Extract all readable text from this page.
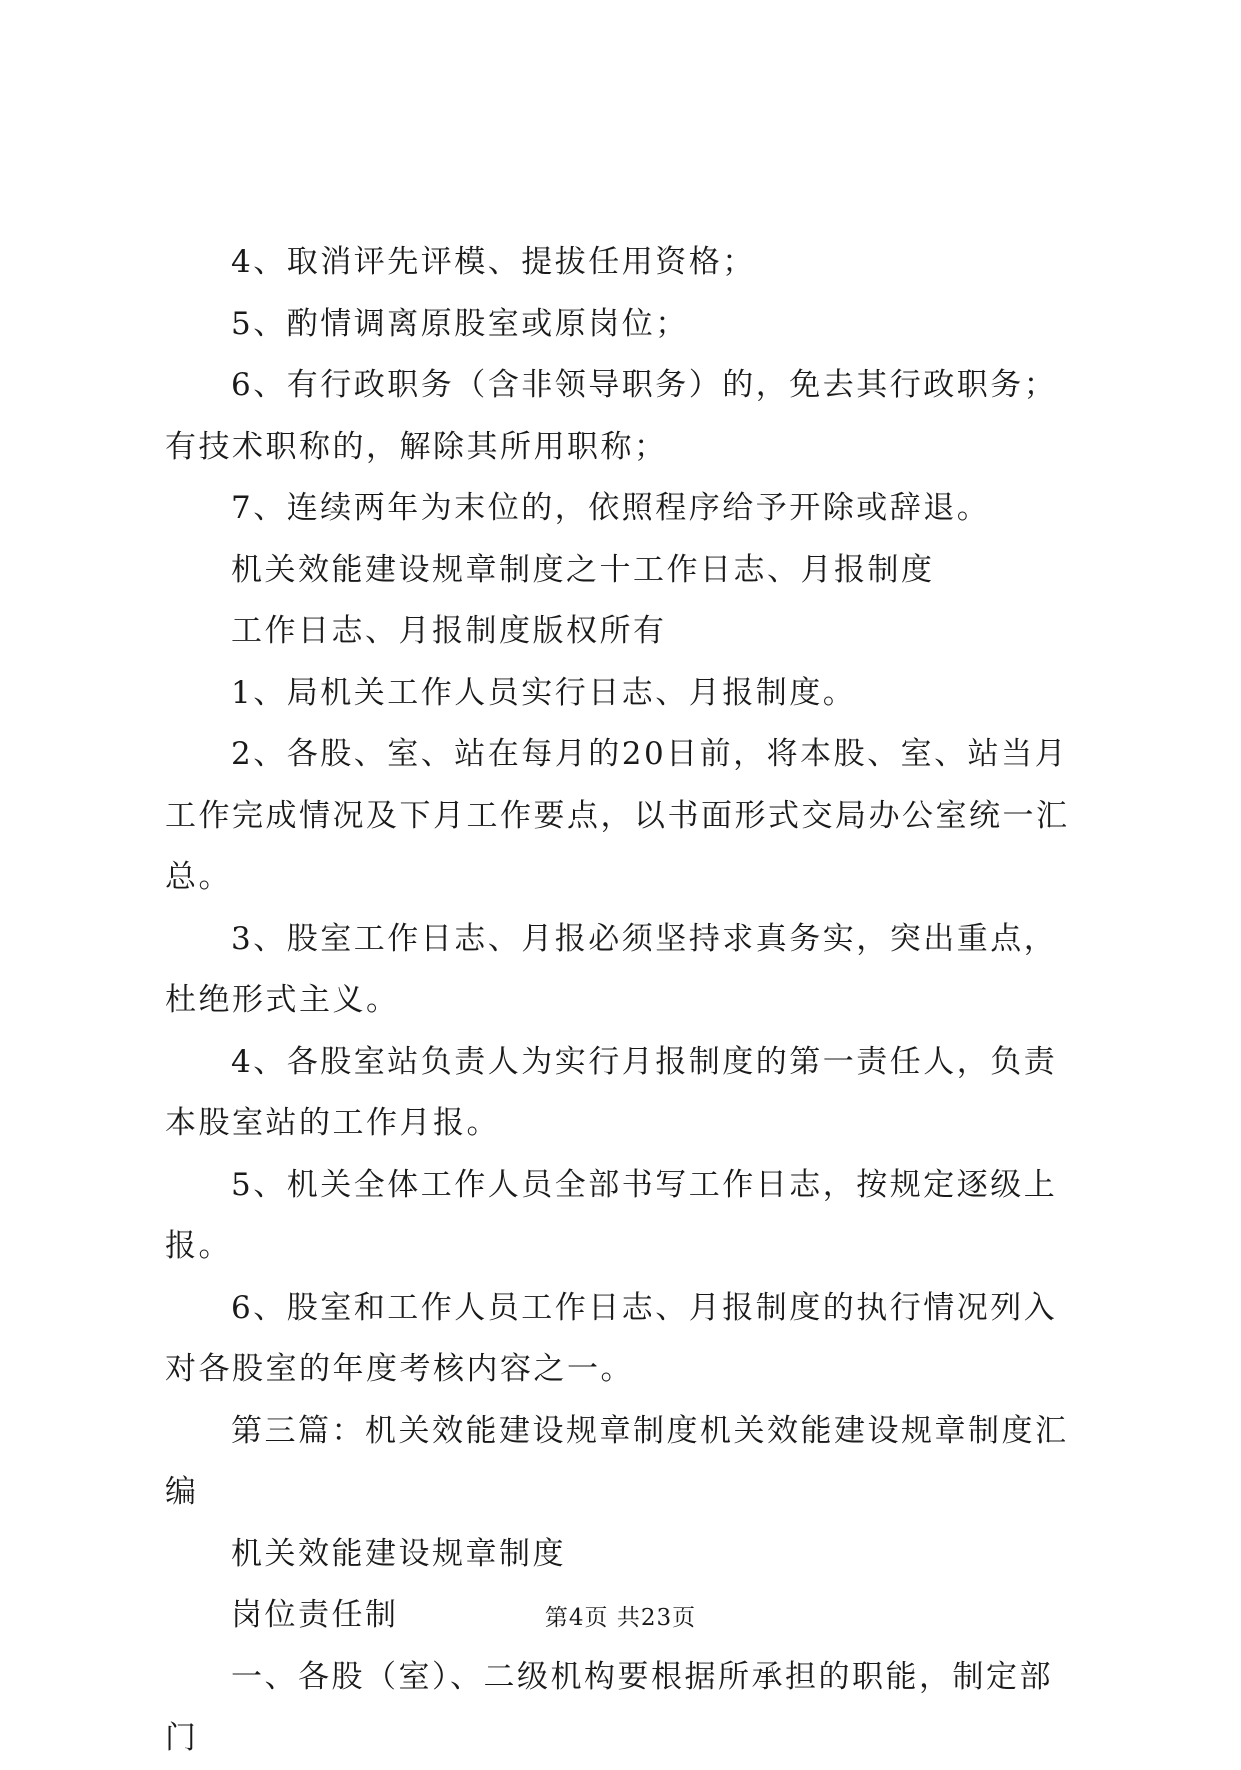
4、取消评先评模、提拔任用资格；

5、酌情调离原股室或原岗位；

6、有行政职务（含非领导职务）的，免去其行政职务；有技术职称的，解除其所用职称；

7、连续两年为末位的，依照程序给予开除或辞退。

机关效能建设规章制度之十工作日志、月报制度

工作日志、月报制度版权所有

1、局机关工作人员实行日志、月报制度。

2、各股、室、站在每月的20日前，将本股、室、站当月工作完成情况及下月工作要点，以书面形式交局办公室统一汇总。

3、股室工作日志、月报必须坚持求真务实，突出重点，杜绝形式主义。

4、各股室站负责人为实行月报制度的第一责任人，负责本股室站的工作月报。

5、机关全体工作人员全部书写工作日志，按规定逐级上报。

6、股室和工作人员工作日志、月报制度的执行情况列入对各股室的年度考核内容之一。

第三篇：机关效能建设规章制度机关效能建设规章制度汇编

机关效能建设规章制度

岗位责任制

一、各股（室）、二级机构要根据所承担的职能，制定部门

第4页 共23页
